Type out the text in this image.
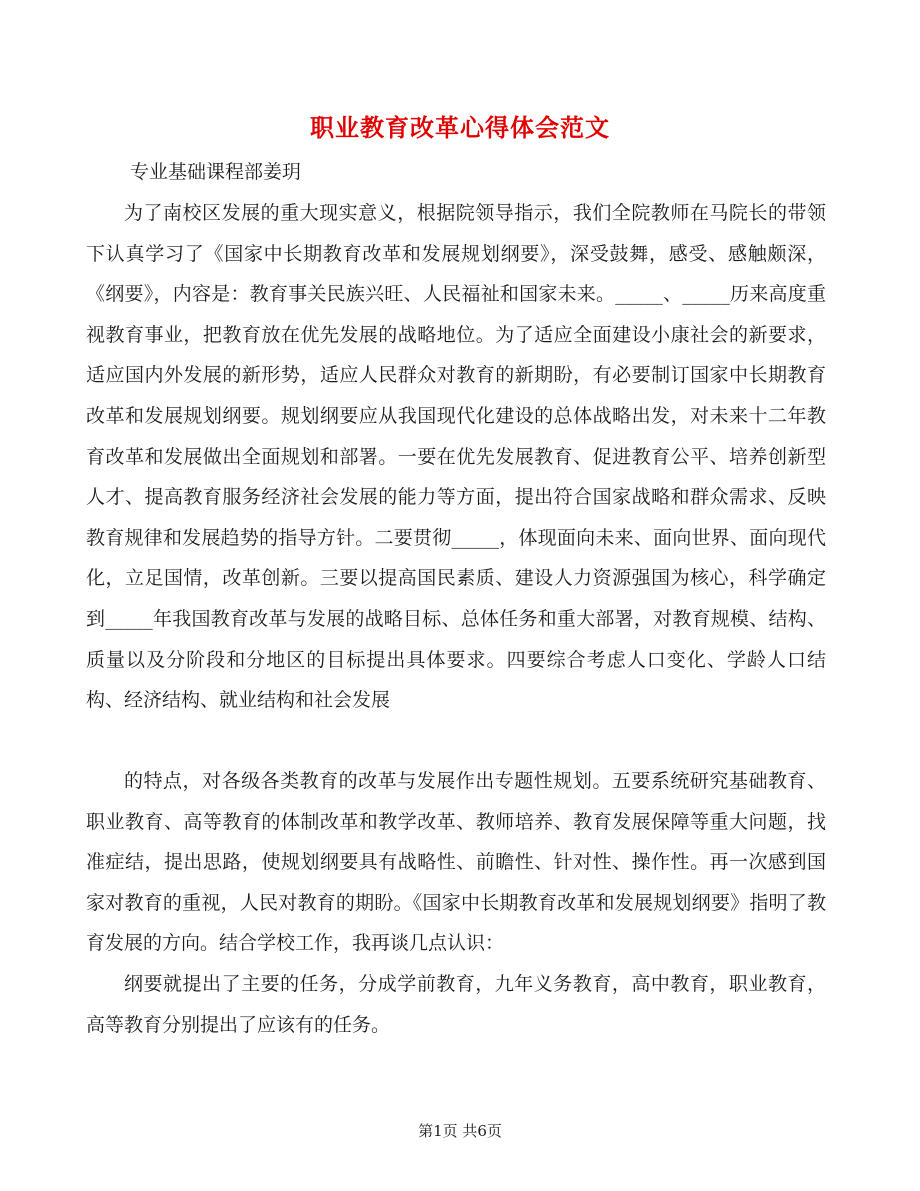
职业教育改革心得体会范文

专业基础课程部姜玥

为了南校区发展的重大现实意义，根据院领导指示，我们全院教师在马院长的带领下认真学习了《国家中长期教育改革和发展规划纲要》，深受鼓舞，感受、感触颇深，《纲要》，内容是：教育事关民族兴旺、人民福祉和国家未来。_____、_____历来高度重视教育事业，把教育放在优先发展的战略地位。为了适应全面建设小康社会的新要求，适应国内外发展的新形势，适应人民群众对教育的新期盼，有必要制订国家中长期教育改革和发展规划纲要。规划纲要应从我国现代化建设的总体战略出发，对未来十二年教育改革和发展做出全面规划和部署。一要在优先发展教育、促进教育公平、培养创新型人才、提高教育服务经济社会发展的能力等方面，提出符合国家战略和群众需求、反映教育规律和发展趋势的指导方针。二要贯彻_____，体现面向未来、面向世界、面向现代化，立足国情，改革创新。三要以提高国民素质、建设人力资源强国为核心，科学确定到_____年我国教育改革与发展的战略目标、总体任务和重大部署，对教育规模、结构、质量以及分阶段和分地区的目标提出具体要求。四要综合考虑人口变化、学龄人口结构、经济结构、就业结构和社会发展

的特点，对各级各类教育的改革与发展作出专题性规划。五要系统研究基础教育、职业教育、高等教育的体制改革和教学改革、教师培养、教育发展保障等重大问题，找准症结，提出思路，使规划纲要具有战略性、前瞻性、针对性、操作性。再一次感到国家对教育的重视，人民对教育的期盼。《国家中长期教育改革和发展规划纲要》指明了教育发展的方向。结合学校工作，我再谈几点认识：

纲要就提出了主要的任务，分成学前教育，九年义务教育，高中教育，职业教育，高等教育分别提出了应该有的任务。

第1页 共6页
